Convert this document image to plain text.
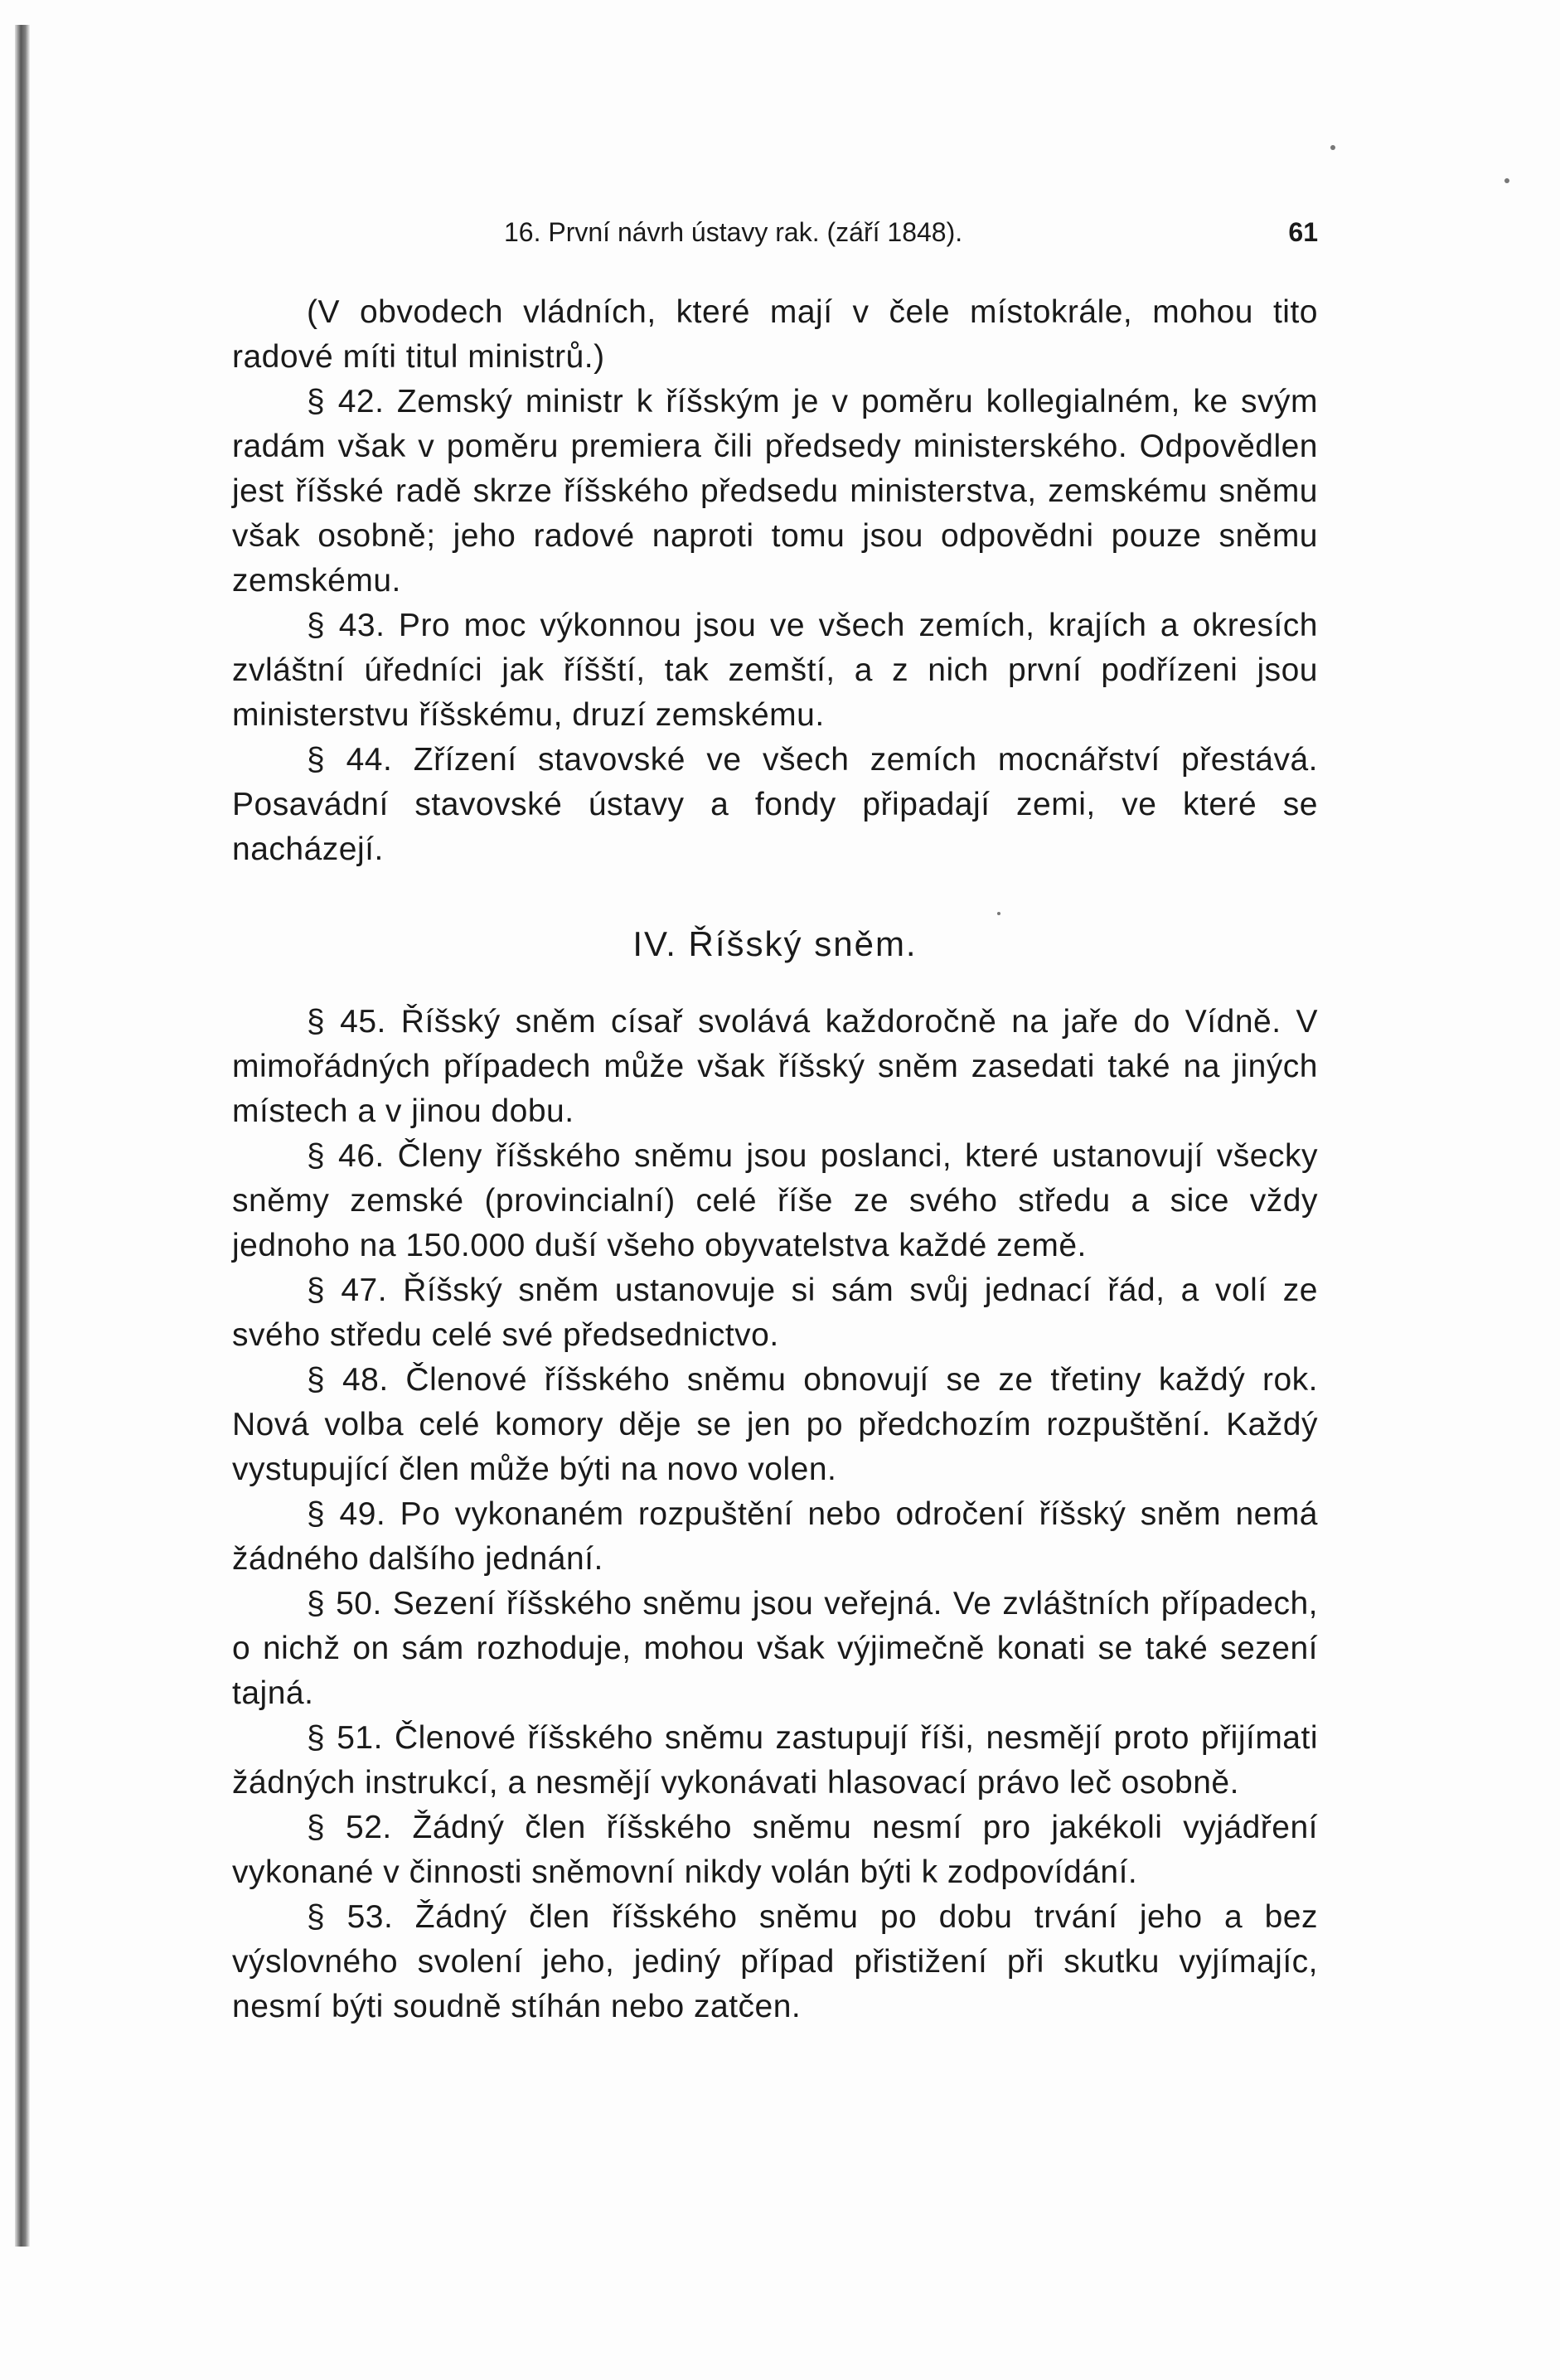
16. První návrh ústavy rak. (září 1848).	61

(V obvodech vládních, které mají v čele místokrále, mohou tito radové míti titul ministrů.)

§ 42. Zemský ministr k říšským je v poměru kollegialném, ke svým radám však v poměru premiera čili předsedy ministerského. Odpovědlen jest říšské radě skrze říšského předsedu ministerstva, zemskému sněmu však osobně; jeho radové naproti tomu jsou odpovědni pouze sněmu zemskému.

§ 43. Pro moc výkonnou jsou ve všech zemích, krajích a okresích zvláštní úředníci jak říšští, tak zemští, a z nich první podřízeni jsou ministerstvu říšskému, druzí zemskému.

§ 44. Zřízení stavovské ve všech zemích mocnářství přestává. Posavádní stavovské ústavy a fondy připadají zemi, ve které se nacházejí.

IV. Říšský sněm.

§ 45. Říšský sněm císař svolává každoročně na jaře do Vídně. V mimořádných případech může však říšský sněm zasedati také na jiných místech a v jinou dobu.

§ 46. Členy říšského sněmu jsou poslanci, které ustanovují všecky sněmy zemské (provincialní) celé říše ze svého středu a sice vždy jednoho na 150.000 duší všeho obyvatelstva každé země.

§ 47. Říšský sněm ustanovuje si sám svůj jednací řád, a volí ze svého středu celé své předsednictvo.

§ 48. Členové říšského sněmu obnovují se ze třetiny každý rok. Nová volba celé komory děje se jen po předchozím rozpuštění. Každý vystupující člen může býti na novo volen.

§ 49. Po vykonaném rozpuštění nebo odročení říšský sněm nemá žádného dalšího jednání.

§ 50. Sezení říšského sněmu jsou veřejná. Ve zvláštních případech, o nichž on sám rozhoduje, mohou však výjimečně konati se také sezení tajná.

§ 51. Členové říšského sněmu zastupují říši, nesmějí proto přijímati žádných instrukcí, a nesmějí vykonávati hlasovací právo leč osobně.

§ 52. Žádný člen říšského sněmu nesmí pro jakékoli vyjádření vykonané v činnosti sněmovní nikdy volán býti k zodpovídání.

§ 53. Žádný člen říšského sněmu po dobu trvání jeho a bez výslovného svolení jeho, jediný případ přistižení při skutku vyjímajíc, nesmí býti soudně stíhán nebo zatčen.
